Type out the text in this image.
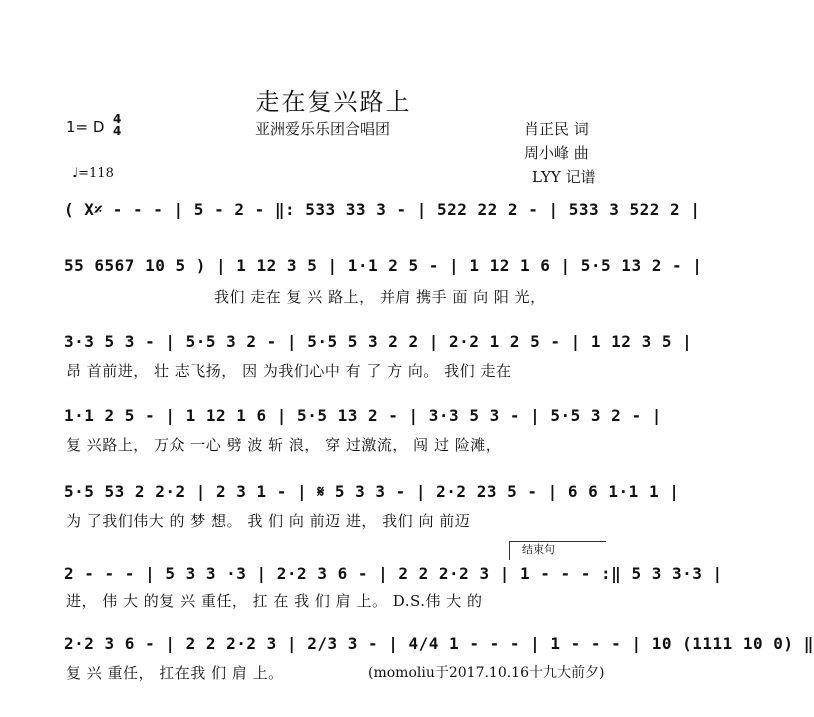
走在复兴路上
1= D 4
4	亚洲爱乐乐团合唱团	肖正民 词
周小峰 曲
LYY 记谱
♩=118
( X𝄎 - - - | 5 - 2 - ‖: 533 33 3 - | 522 22 2 - | 533 3 522 2 |
55 6567 10 5 ) | 1 12 3 5 | 1·1 2 5 - | 1 12 1 6 | 5·5 13 2 - |
我们 走在 复 兴 路上， 并肩 携手 面 向 阳 光，
3·3 5 3 - | 5·5 3 2 - | 5·5 5 3 2 2 | 2·2 1 2 5 - | 1 12 3 5 |
昂 首前进， 壮 志飞扬， 因 为我们心中 有 了 方 向。 我们 走在
1·1 2 5 - | 1 12 1 6 | 5·5 13 2 - | 3·3 5 3 - | 5·5 3 2 - |
复 兴路上， 万众 一心 劈 波 斩 浪， 穿 过激流， 闯 过 险滩，
5·5 53 2 2·2 | 2 3 1 - | 𝄋 5 3 3 - | 2·2 23 5 - | 6 6 1·1 1 |
为 了我们伟大 的 梦 想。 我 们 向 前迈 进， 我们 向 前迈
结束句
2 - - - | 5 3 3 ·3 | 2·2 3 6 - | 2 2 2·2 3 | 1 - - - :‖ 5 3 3·3 |
进， 伟 大 的复 兴 重任， 扛 在 我 们 肩 上。 D.S.伟 大 的
2·2 3 6 - | 2 2 2·2 3 | 2/3 3 - | 4/4 1 - - - | 1 - - - | 10 (1111 10 0) ‖
复 兴 重任， 扛在我 们 肩 上。	(momoliu于2017.10.16十九大前夕)
